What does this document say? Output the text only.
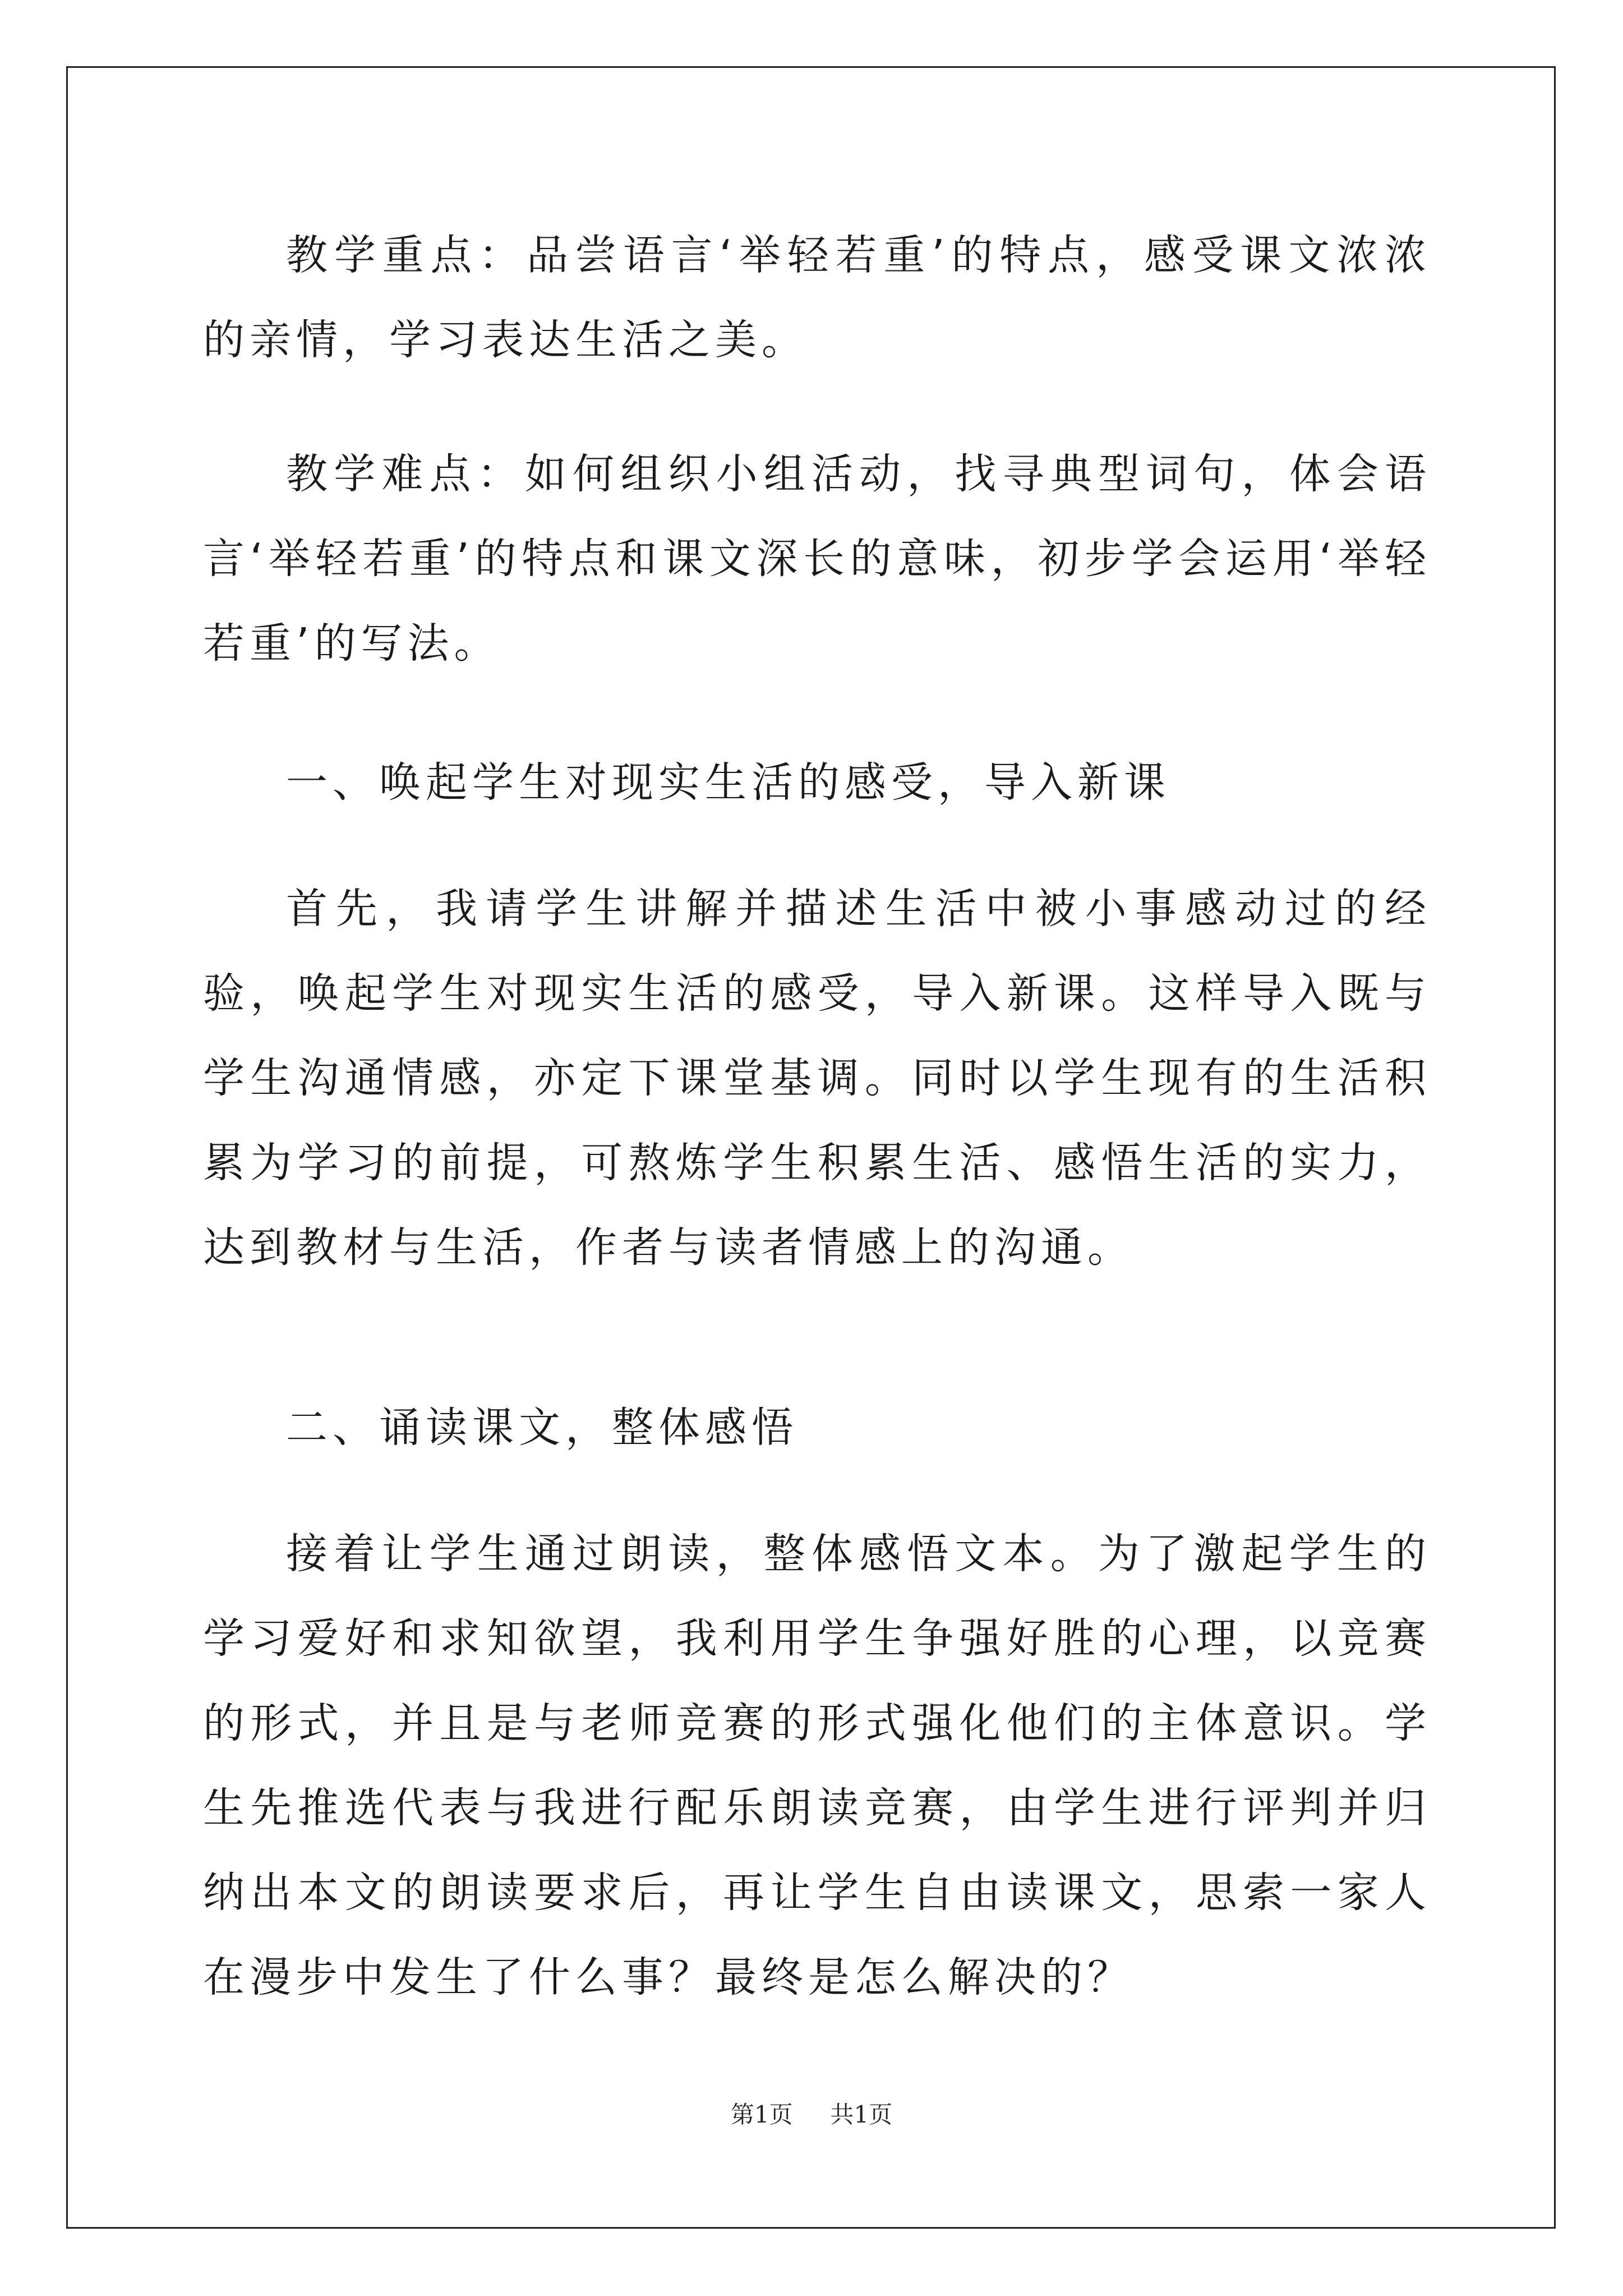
教学重点：品尝语言‘举轻若重’的特点，感受课文浓浓的亲情，学习表达生活之美。

教学难点：如何组织小组活动，找寻典型词句，体会语言‘举轻若重’的特点和课文深长的意味，初步学会运用‘举轻若重’的写法。

一、唤起学生对现实生活的感受，导入新课

首先，我请学生讲解并描述生活中被小事感动过的经验，唤起学生对现实生活的感受，导入新课。这样导入既与学生沟通情感，亦定下课堂基调。同时以学生现有的生活积累为学习的前提，可熬炼学生积累生活、感悟生活的实力，达到教材与生活，作者与读者情感上的沟通。

二、诵读课文，整体感悟

接着让学生通过朗读，整体感悟文本。为了激起学生的学习爱好和求知欲望，我利用学生争强好胜的心理，以竞赛的形式，并且是与老师竞赛的形式强化他们的主体意识。学生先推选代表与我进行配乐朗读竞赛，由学生进行评判并归纳出本文的朗读要求后，再让学生自由读课文，思索一家人在漫步中发生了什么事？最终是怎么解决的？

第1页 共1页
